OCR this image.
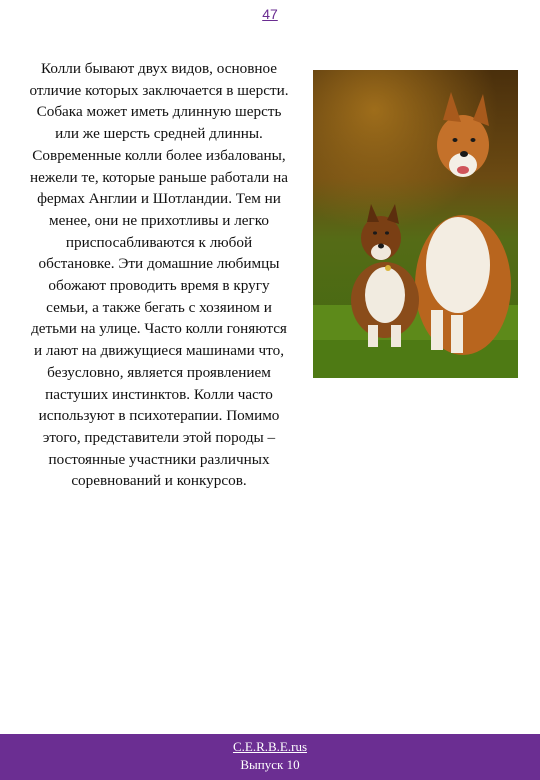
47
Колли бывают двух видов, основное отличие которых заключается в шерсти. Собака может иметь длинную шерсть или же шерсть средней длинны. Современные колли более избалованы, нежели те, которые раньше работали на фермах Англии и Шотландии. Тем ни менее, они не прихотливы и легко приспосабливаются к любой обстановке. Эти домашние любимцы обожают проводить время в кругу семьи, а также бегать с хозяином и детьми на улице. Часто колли гоняются и лают на движущиеся машинами что, безусловно, является проявлением пастуших инстинктов. Колли часто используют в психотерапии. Помимо этого, представители этой породы – постоянные участники различных соревнований и конкурсов.
C.E.R.B.E.rus
Выпуск 10
